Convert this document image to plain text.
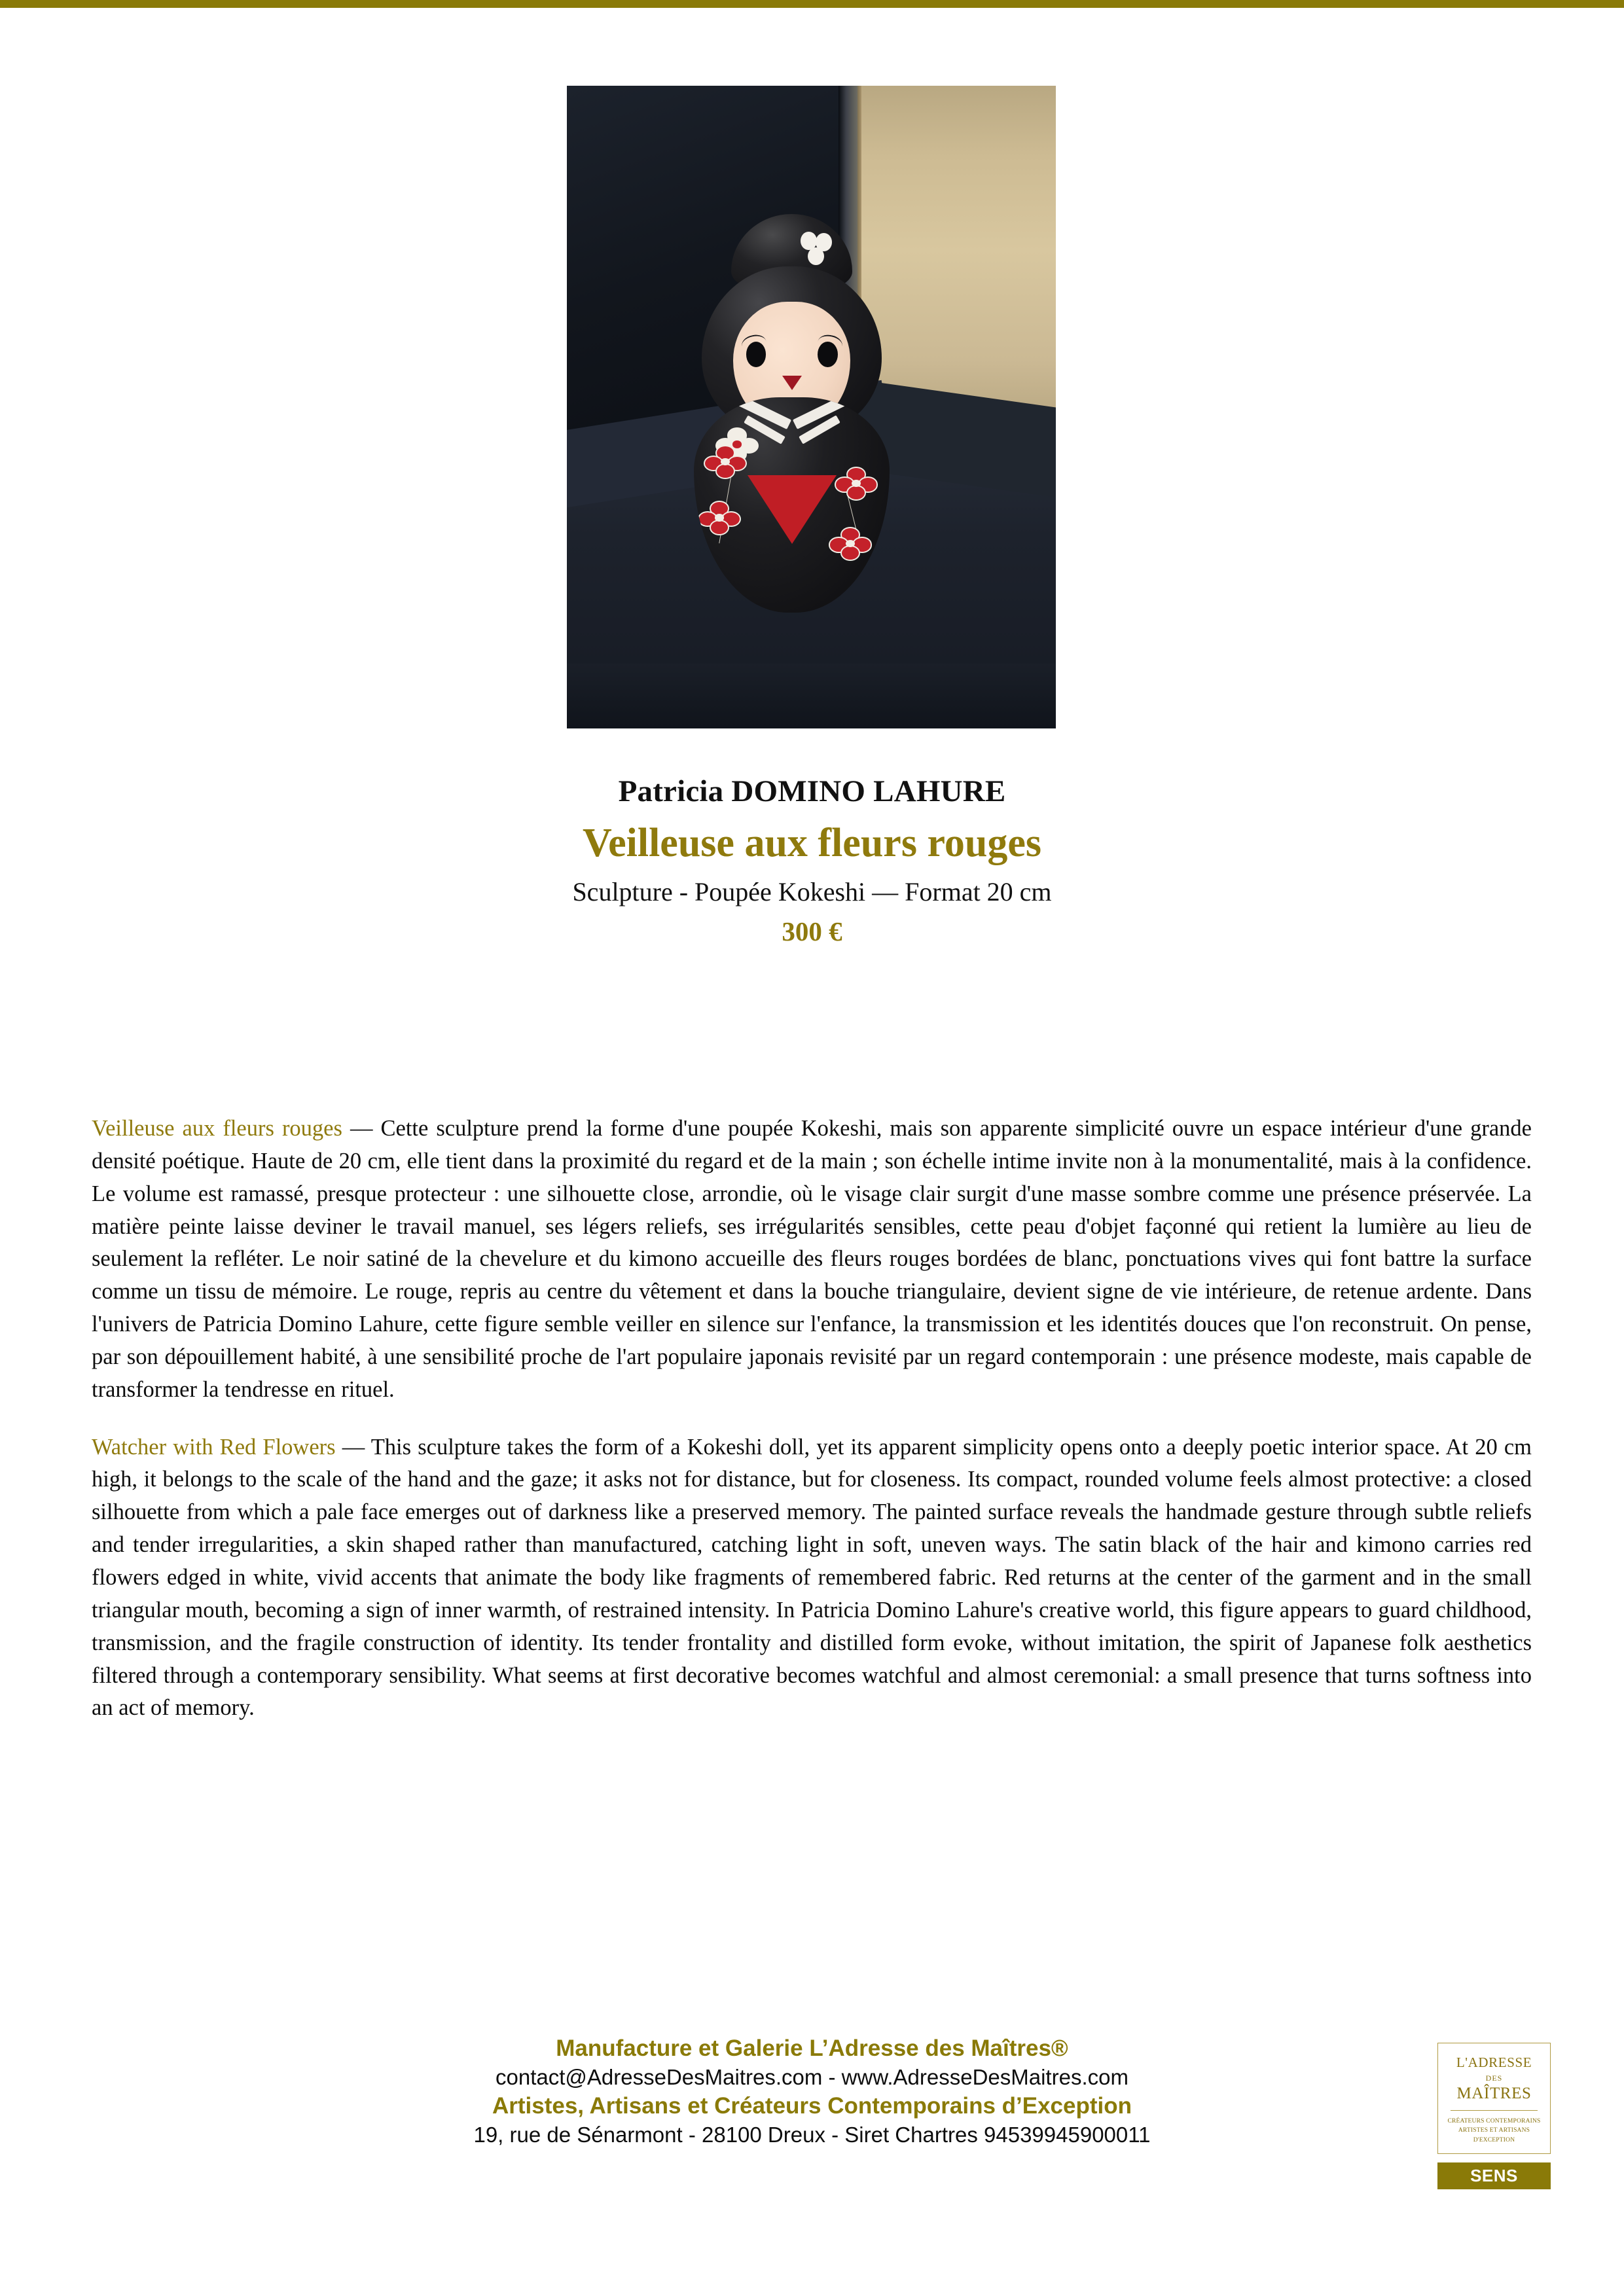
Patricia DOMINO LAHURE

Veilleuse aux fleurs rouges

Sculpture - Poupée Kokeshi — Format 20 cm

300 €

Veilleuse aux fleurs rouges — Cette sculpture prend la forme d'une poupée Kokeshi, mais son apparente simplicité ouvre un espace intérieur d'une grande densité poétique. Haute de 20 cm, elle tient dans la proximité du regard et de la main ; son échelle intime invite non à la monumentalité, mais à la confidence. Le volume est ramassé, presque protecteur : une silhouette close, arrondie, où le visage clair surgit d'une masse sombre comme une présence préservée. La matière peinte laisse deviner le travail manuel, ses légers reliefs, ses irrégularités sensibles, cette peau d'objet façonné qui retient la lumière au lieu de seulement la refléter. Le noir satiné de la chevelure et du kimono accueille des fleurs rouges bordées de blanc, ponctuations vives qui font battre la surface comme un tissu de mémoire. Le rouge, repris au centre du vêtement et dans la bouche triangulaire, devient signe de vie intérieure, de retenue ardente. Dans l'univers de Patricia Domino Lahure, cette figure semble veiller en silence sur l'enfance, la transmission et les identités douces que l'on reconstruit. On pense, par son dépouillement habité, à une sensibilité proche de l'art populaire japonais revisité par un regard contemporain : une présence modeste, mais capable de transformer la tendresse en rituel.

Watcher with Red Flowers — This sculpture takes the form of a Kokeshi doll, yet its apparent simplicity opens onto a deeply poetic interior space. At 20 cm high, it belongs to the scale of the hand and the gaze; it asks not for distance, but for closeness. Its compact, rounded volume feels almost protective: a closed silhouette from which a pale face emerges out of darkness like a preserved memory. The painted surface reveals the handmade gesture through subtle reliefs and tender irregularities, a skin shaped rather than manufactured, catching light in soft, uneven ways. The satin black of the hair and kimono carries red flowers edged in white, vivid accents that animate the body like fragments of remembered fabric. Red returns at the center of the garment and in the small triangular mouth, becoming a sign of inner warmth, of restrained intensity. In Patricia Domino Lahure's creative world, this figure appears to guard childhood, transmission, and the fragile construction of identity. Its tender frontality and distilled form evoke, without imitation, the spirit of Japanese folk aesthetics filtered through a contemporary sensibility. What seems at first decorative becomes watchful and almost ceremonial: a small presence that turns softness into an act of memory.

Manufacture et Galerie L’Adresse des Maîtres®

contact@AdresseDesMaitres.com - www.AdresseDesMaitres.com

Artistes, Artisans et Créateurs Contemporains d’Exception

19, rue de Sénarmont - 28100 Dreux - Siret Chartres 94539945900011

L'ADRESSE
DES
MAÎTRES
CRÉATEURS CONTEMPORAINS
ARTISTES ET ARTISANS
D'EXCEPTION
SENS
